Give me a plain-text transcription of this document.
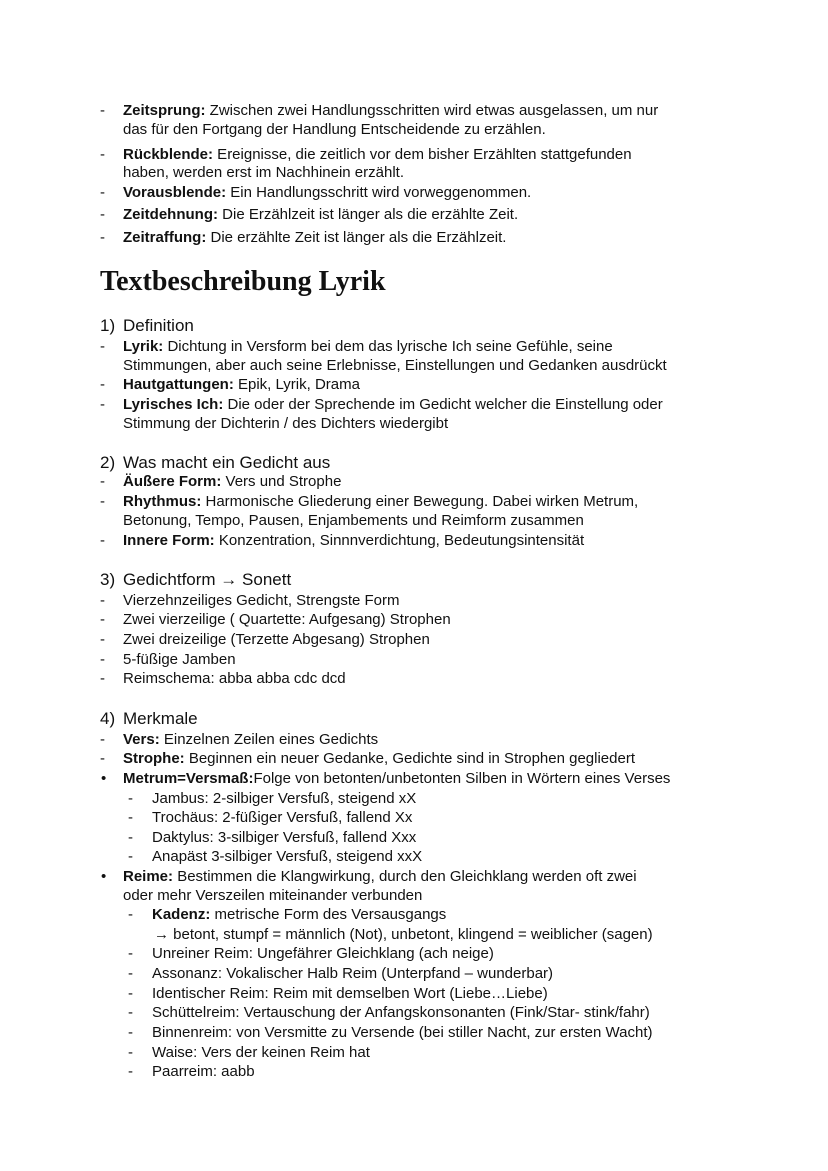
Textbeschreibung Lyrik
- Zeitsprung: Zwischen zwei Handlungsschritten wird etwas ausgelassen, um nur
das für den Fortgang der Handlung Entscheidende zu erzählen.
- Rückblende: Ereignisse, die zeitlich vor dem bisher Erzählten stattgefunden
haben, werden erst im Nachhinein erzählt.
- Vorausblende: Ein Handlungsschritt wird vorweggenommen.
- Zeitdehnung: Die Erzählzeit ist länger als die erzählte Zeit.
- Zeitraffung: Die erzählte Zeit ist länger als die Erzählzeit.
1) Definition
- Lyrik: Dichtung in Versform bei dem das lyrische Ich seine Gefühle, seine
Stimmungen, aber auch seine Erlebnisse, Einstellungen und Gedanken ausdrückt
- Hautgattungen: Epik, Lyrik, Drama
- Lyrisches Ich: Die oder der Sprechende im Gedicht welcher die Einstellung oder
Stimmung der Dichterin / des Dichters wiedergibt
2) Was macht ein Gedicht aus
- Äußere Form: Vers und Strophe
- Rhythmus: Harmonische Gliederung einer Bewegung. Dabei wirken Metrum,
Betonung, Tempo, Pausen, Enjambements und Reimform zusammen
- Innere Form: Konzentration, Sinnnverdichtung, Bedeutungsintensität
3) Gedichtform → Sonett
- Vierzehnzeiliges Gedicht, Strengste Form
- Zwei vierzeilige ( Quartette: Aufgesang) Strophen
- Zwei dreizeilige (Terzette Abgesang) Strophen
- 5-füßige Jamben
- Reimschema: abba abba cdc dcd
4) Merkmale
- Vers: Einzelnen Zeilen eines Gedichts
- Strophe: Beginnen ein neuer Gedanke, Gedichte sind in Strophen gegliedert
• Metrum=Versmaß:Folge von betonten/unbetonten Silben in Wörtern eines Verses
- Jambus: 2-silbiger Versfuß, steigend xX
- Trochäus: 2-füßiger Versfuß, fallend Xx
- Daktylus: 3-silbiger Versfuß, fallend Xxx
- Anapäst 3-silbiger Versfuß, steigend xxX
• Reime: Bestimmen die Klangwirkung, durch den Gleichklang werden oft zwei
oder mehr Verszeilen miteinander verbunden
- Kadenz: metrische Form des Versausgangs
→ betont, stumpf = männlich (Not), unbetont, klingend = weiblicher (sagen)
- Unreiner Reim: Ungefährer Gleichklang (ach neige)
- Assonanz: Vokalischer Halb Reim (Unterpfand – wunderbar)
- Identischer Reim: Reim mit demselben Wort (Liebe…Liebe)
- Schüttelreim: Vertauschung der Anfangskonsonanten (Fink/Star- stink/fahr)
- Binnenreim: von Versmitte zu Versende (bei stiller Nacht, zur ersten Wacht)
- Waise: Vers der keinen Reim hat
- Paarreim: aabb
